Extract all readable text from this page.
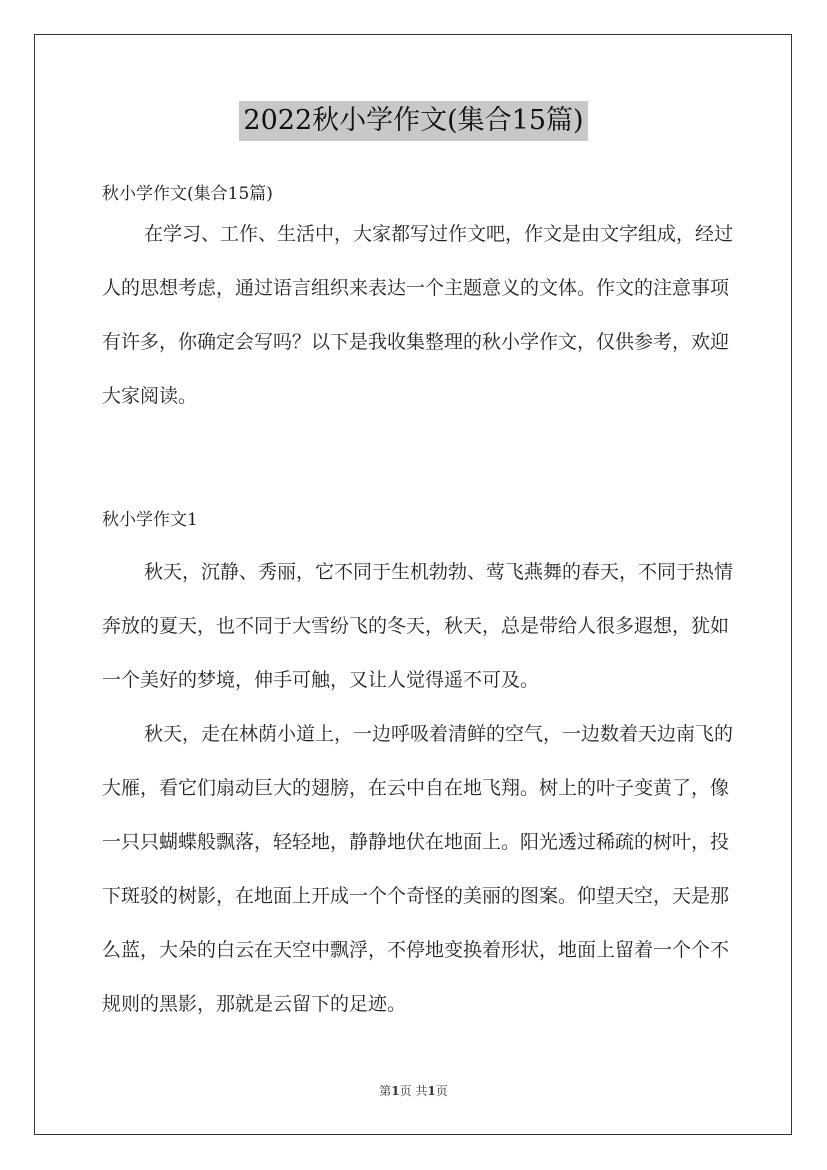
2022秋小学作文(集合15篇)
秋小学作文(集合15篇)

在学习、工作、生活中，大家都写过作文吧，作文是由文字组成，经过人的思想考虑，通过语言组织来表达一个主题意义的文体。作文的注意事项有许多，你确定会写吗？以下是我收集整理的秋小学作文，仅供参考，欢迎大家阅读。

秋小学作文1

秋天，沉静、秀丽，它不同于生机勃勃、莺飞燕舞的春天，不同于热情奔放的夏天，也不同于大雪纷飞的冬天，秋天，总是带给人很多遐想，犹如一个美好的梦境，伸手可触，又让人觉得遥不可及。

秋天，走在林荫小道上，一边呼吸着清鲜的空气，一边数着天边南飞的大雁，看它们扇动巨大的翅膀，在云中自在地飞翔。树上的叶子变黄了，像一只只蝴蝶般飘落，轻轻地，静静地伏在地面上。阳光透过稀疏的树叶，投下斑驳的树影，在地面上开成一个个奇怪的美丽的图案。仰望天空，天是那么蓝，大朵的白云在天空中飘浮，不停地变换着形状，地面上留着一个个不规则的黑影，那就是云留下的足迹。

第1页 共1页
